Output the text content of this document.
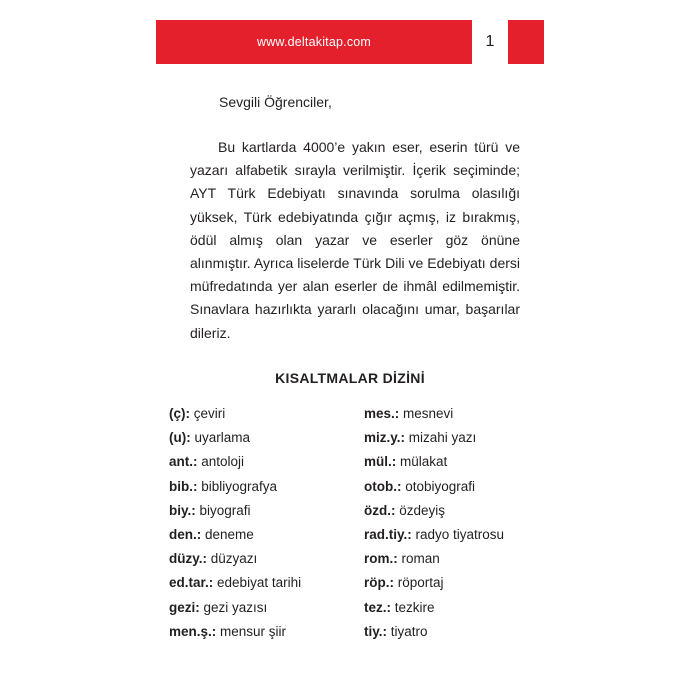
www.deltakitap.com	1
Sevgili Öğrenciler,

Bu kartlarda 4000’e yakın eser, eserin türü ve yazarı alfabetik sırayla verilmiştir. İçerik seçiminde; AYT Türk Edebiyatı sınavında sorulma olasılığı yüksek, Türk edebiyatında çığır açmış, iz bırakmış, ödül almış olan yazar ve eserler göz önüne alınmıştır. Ayrıca liselerde Türk Dili ve Edebiyatı dersi müfredatında yer alan eserler de ihmâl edilmemiştir. Sınavlara hazırlıkta yararlı olacağını umar, başarılar dileriz.

KISALTMALAR DİZİNİ
(ç): çeviri
(u): uyarlama
ant.: antoloji
bib.: bibliyografya
biy.: biyografi
den.: deneme
düzy.: düzyazı
ed.tar.: edebiyat tarihi
gezi: gezi yazısı
men.ş.: mensur şiir
mes.: mesnevi
miz.y.: mizahi yazı
mül.: mülakat
otob.: otobiyografi
özd.: özdeyiş
rad.tiy.: radyo tiyatrosu
rom.: roman
röp.: röportaj
tez.: tezkire
tiy.: tiyatro
